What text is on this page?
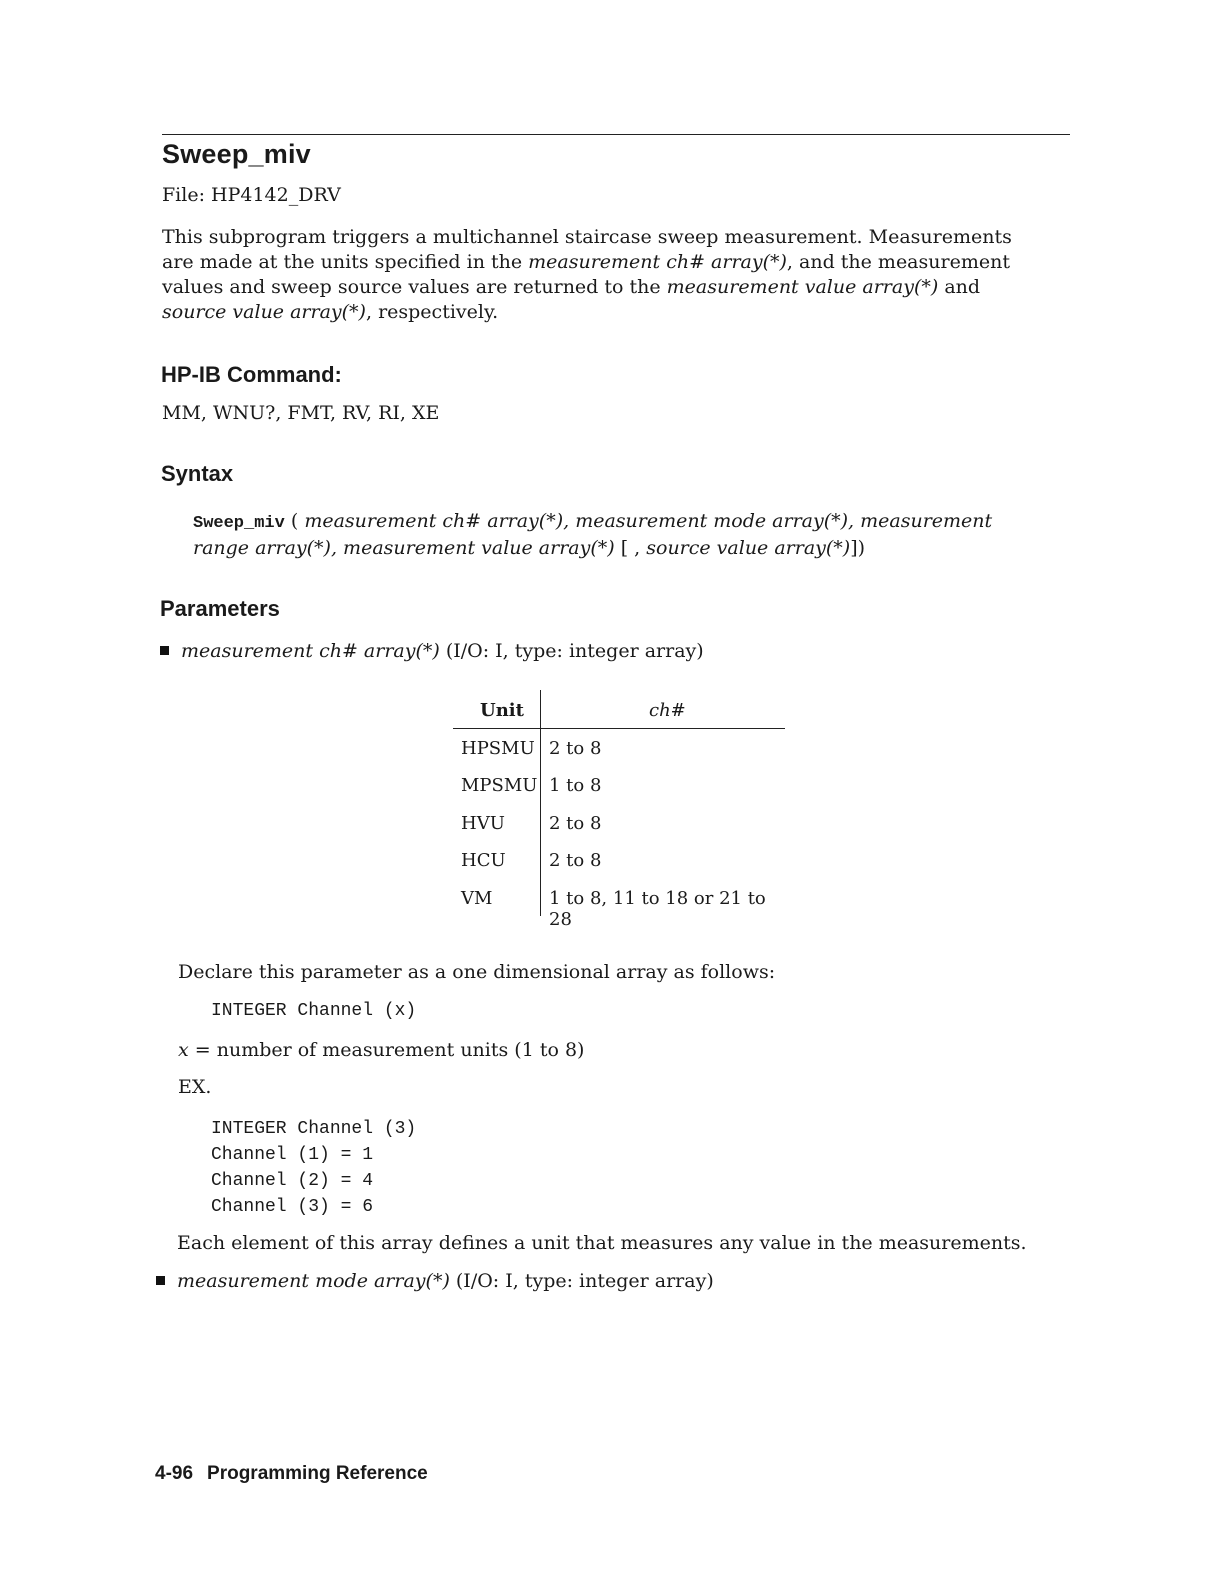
Sweep_miv

File: HP4142_DRV

This subprogram triggers a multichannel staircase sweep measurement. Measurements are made at the units specified in the measurement ch# array(*), and the measurement values and sweep source values are returned to the measurement value array(*) and source value array(*), respectively.

HP-IB Command:

MM, WNU?, FMT, RV, RI, XE

Syntax

Sweep_miv ( measurement ch# array(*), measurement mode array(*), measurement range array(*), measurement value array(*) [ , source value array(*)])

Parameters

measurement ch# array(*) (I/O: I, type: integer array)

Unit	ch#
HPSMU 2 to 8
MPSMU 1 to 8
HVU 2 to 8
HCU 2 to 8
VM	1 to 8, 11 to 18 or 21 to 28

Declare this parameter as a one dimensional array as follows:

INTEGER Channel (x)

x = number of measurement units (1 to 8)

EX.

INTEGER Channel (3)
Channel (1) = 1
Channel (2) = 4
Channel (3) = 6

Each element of this array defines a unit that measures any value in the measurements.

measurement mode array(*) (I/O: I, type: integer array)

4-96 Programming Reference
